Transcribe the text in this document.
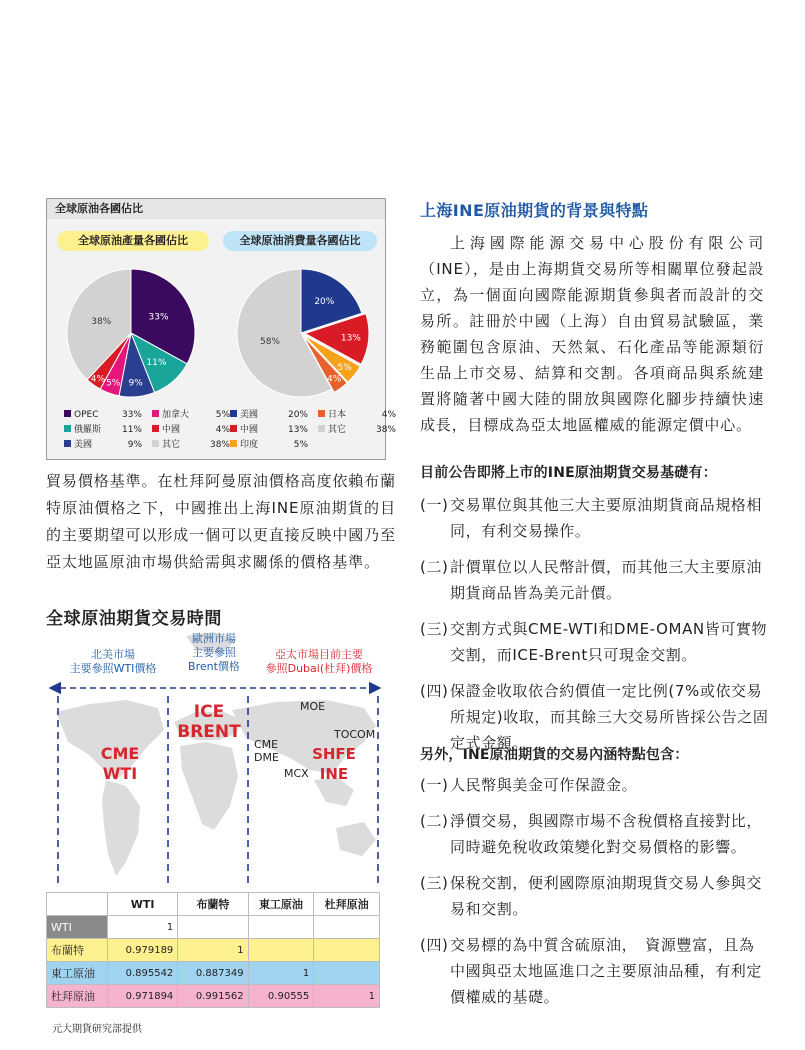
全球原油各國佔比
全球原油產量各國佔比	全球原油消費量各國佔比
33%
11%
9%
5%
4%
38%
20%
13%
5%
4%
58%
OPEC	33%
俄羅斯 11%
美國	9%
加拿大	5%
中國	4%
其它	38%
美國	20%
中國	13%
印度	5%
日本	4%
其它	38%

貿易價格基準。在杜拜阿曼原油價格高度依賴布蘭特原油價格之下，中國推出上海INE原油期貨的目的主要期望可以形成一個可以更直接反映中國乃至亞太地區原油市場供給需與求關係的價格基準。

全球原油期貨交易時間
北美市場
主要參照WTI價格
歐洲市場
主要參照
Brent價格
亞太市場目前主要
參照Dubai(杜拜)價格
CME
WTI
ICE
BRENT
MOE
TOCOM
CME
DME
MCX
SHFE
INE
	WTI	布蘭特	東工原油	杜拜原油
WTI	1			
布蘭特	0.979189	1		
東工原油	0.895542	0.887349	1	
杜拜原油	0.971894	0.991562	0.90555	1
元大期貨研究部提供
上海INE原油期貨的背景與特點

上海國際能源交易中心股份有限公司（INE），是由上海期貨交易所等相關單位發起設立，為一個面向國際能源期貨參與者而設計的交易所。註冊於中國（上海）自由貿易試驗區，業務範圍包含原油、天然氣、石化產品等能源類衍生品上市交易、結算和交割。各項商品與系統建置將隨著中國大陸的開放與國際化腳步持續快速成長，目標成為亞太地區權威的能源定價中心。

目前公告即將上市的INE原油期貨交易基礎有：
(一) 交易單位與其他三大主要原油期貨商品規格相同，有利交易操作。
(二) 計價單位以人民幣計價，而其他三大主要原油期貨商品皆為美元計價。
(三) 交割方式與CME-WTI和DME-OMAN皆可實物交割，而ICE-Brent只可現金交割。
(四) 保證金收取依合約價值一定比例(7%或依交易所規定)收取，而其餘三大交易所皆採公告之固定式金額。
另外，INE原油期貨的交易內涵特點包含：
(一) 人民幣與美金可作保證金。
(二) 淨價交易，與國際市場不含稅價格直接對比，同時避免稅收政策變化對交易價格的影響。
(三) 保稅交割，便利國際原油期現貨交易人參與交易和交割。
(四) 交易標的為中質含硫原油，　資源豐富，且為中國與亞太地區進口之主要原油品種，有利定價權威的基礎。
